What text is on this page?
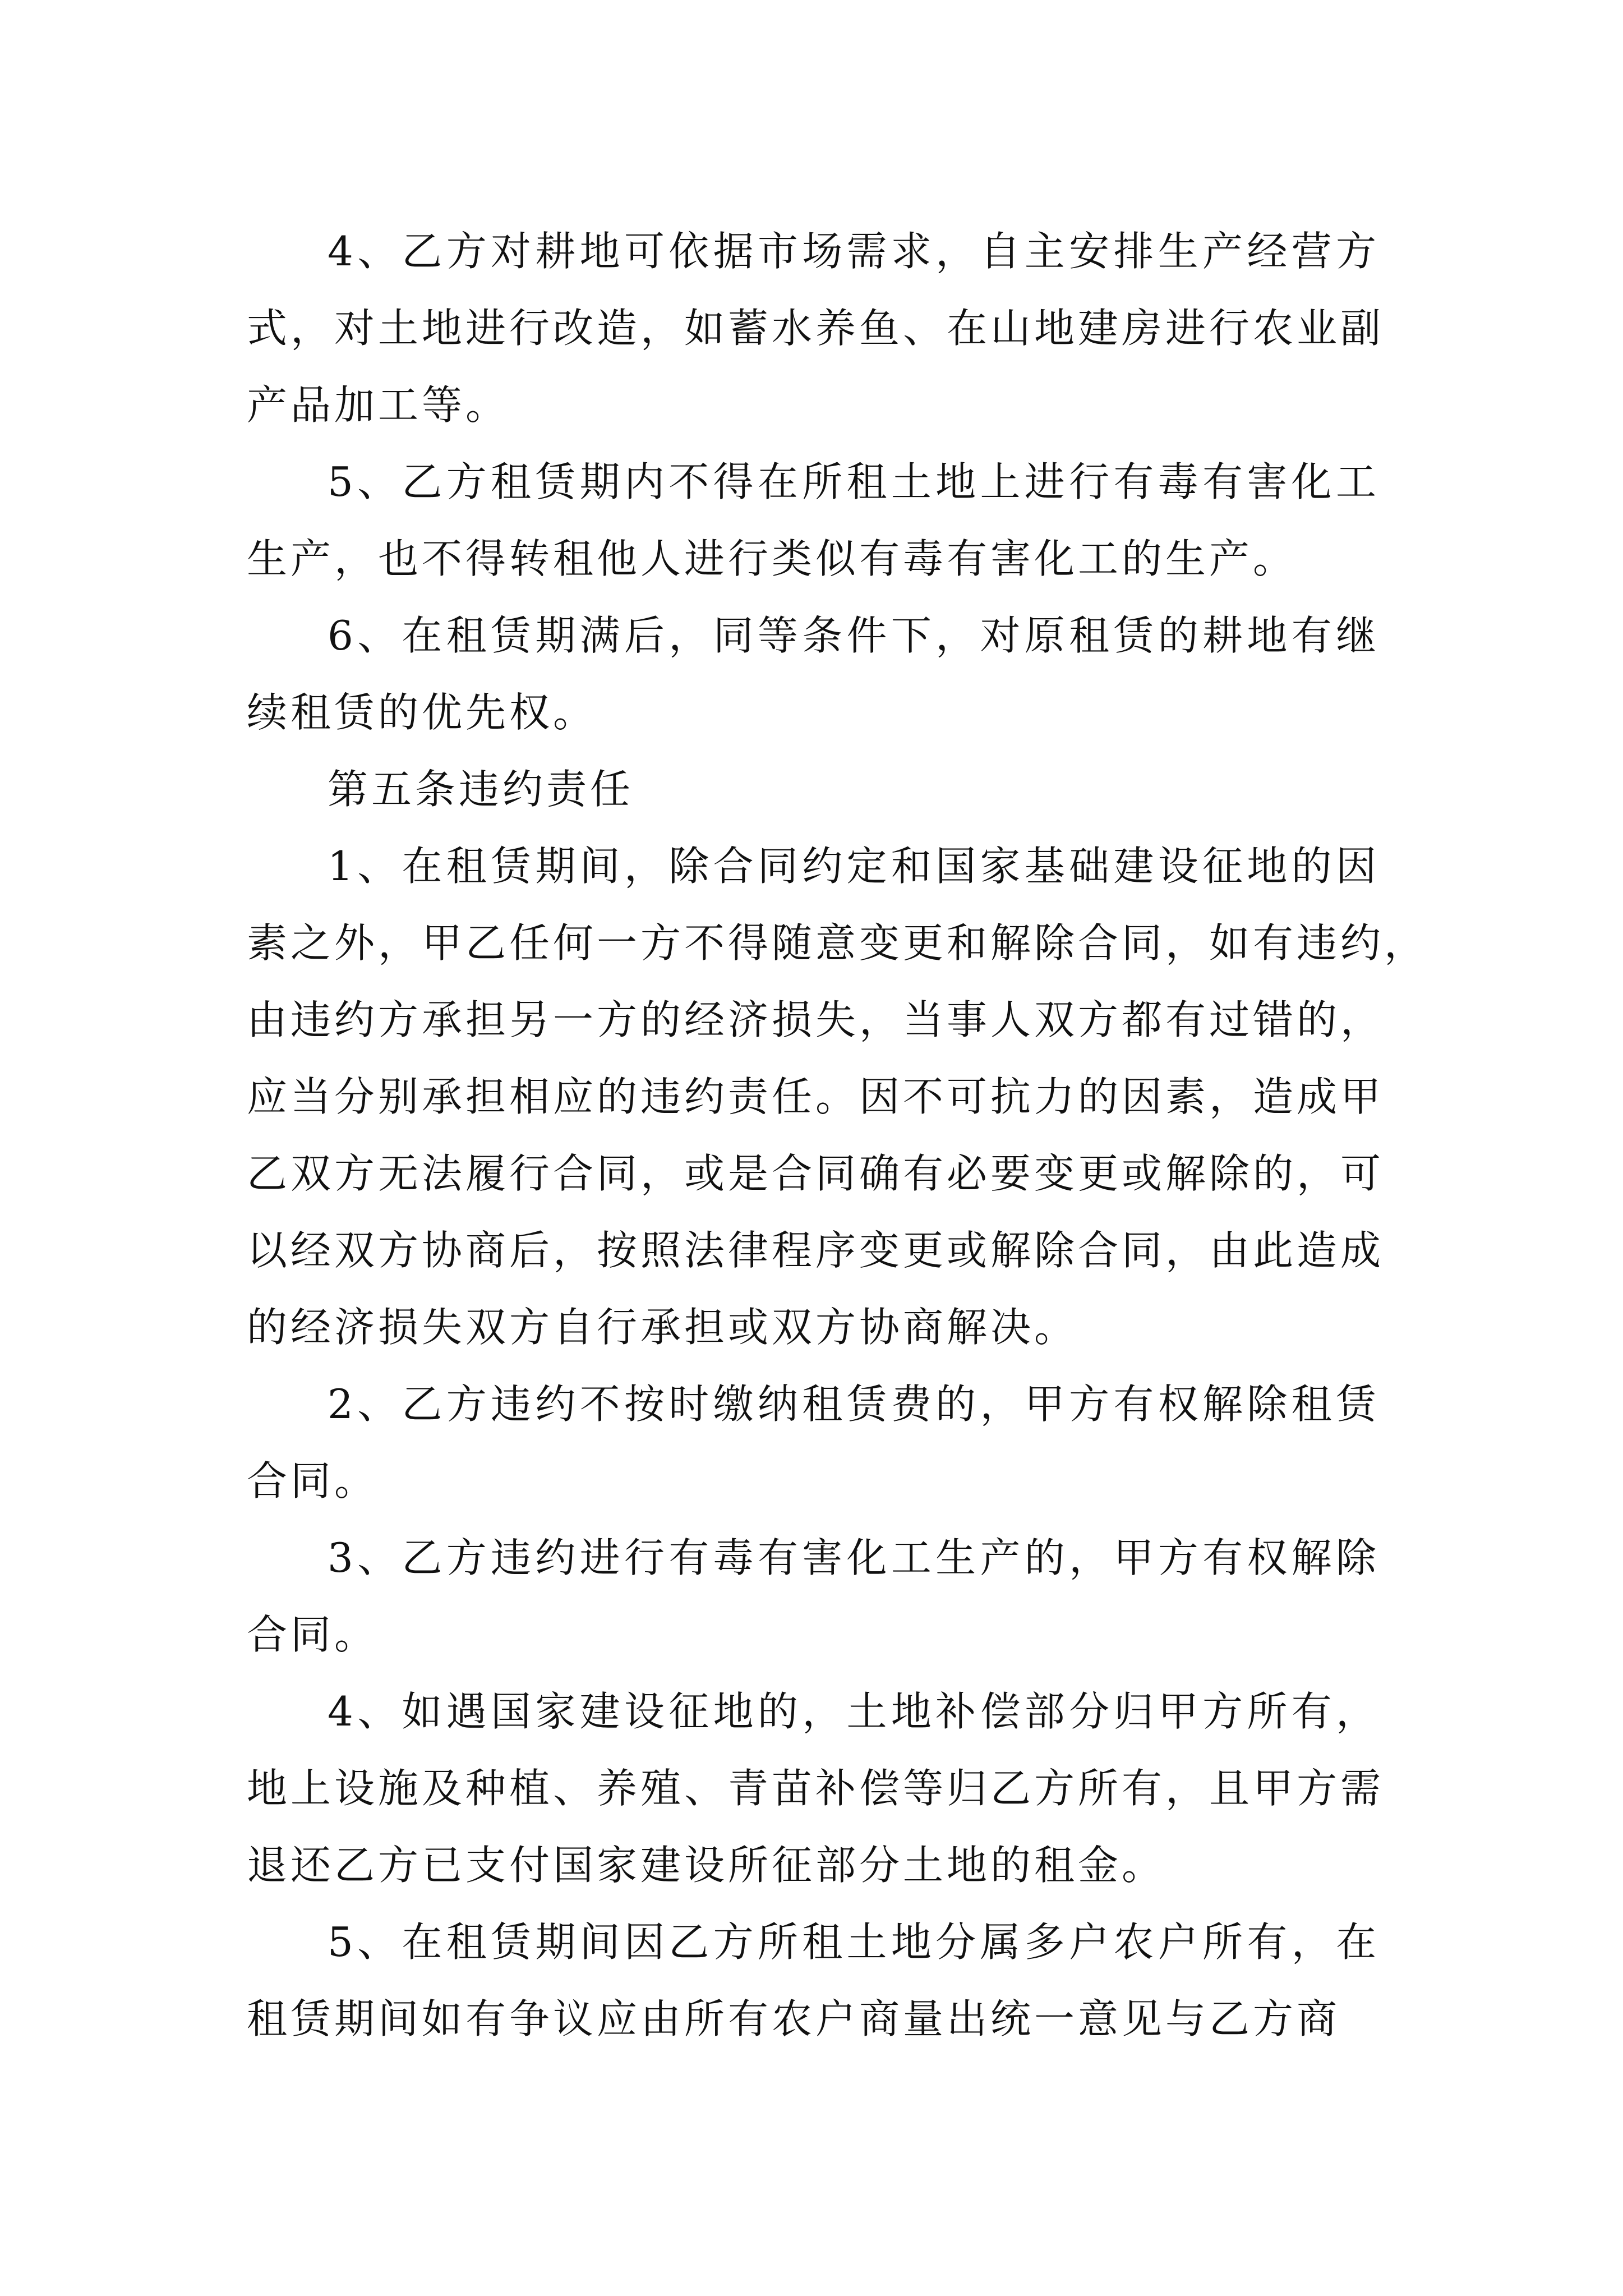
4、乙方对耕地可依据市场需求，自主安排生产经营方
式，对土地进行改造，如蓄水养鱼、在山地建房进行农业副
产品加工等。
5、乙方租赁期内不得在所租土地上进行有毒有害化工
生产，也不得转租他人进行类似有毒有害化工的生产。
6、在租赁期满后，同等条件下，对原租赁的耕地有继
续租赁的优先权。
第五条违约责任
1、在租赁期间，除合同约定和国家基础建设征地的因
素之外，甲乙任何一方不得随意变更和解除合同，如有违约，
由违约方承担另一方的经济损失，当事人双方都有过错的，
应当分别承担相应的违约责任。因不可抗力的因素，造成甲
乙双方无法履行合同，或是合同确有必要变更或解除的，可
以经双方协商后，按照法律程序变更或解除合同，由此造成
的经济损失双方自行承担或双方协商解决。
2、乙方违约不按时缴纳租赁费的，甲方有权解除租赁
合同。
3、乙方违约进行有毒有害化工生产的，甲方有权解除
合同。
4、如遇国家建设征地的，土地补偿部分归甲方所有，
地上设施及种植、养殖、青苗补偿等归乙方所有，且甲方需
退还乙方已支付国家建设所征部分土地的租金。
5、在租赁期间因乙方所租土地分属多户农户所有，在
租赁期间如有争议应由所有农户商量出统一意见与乙方商
